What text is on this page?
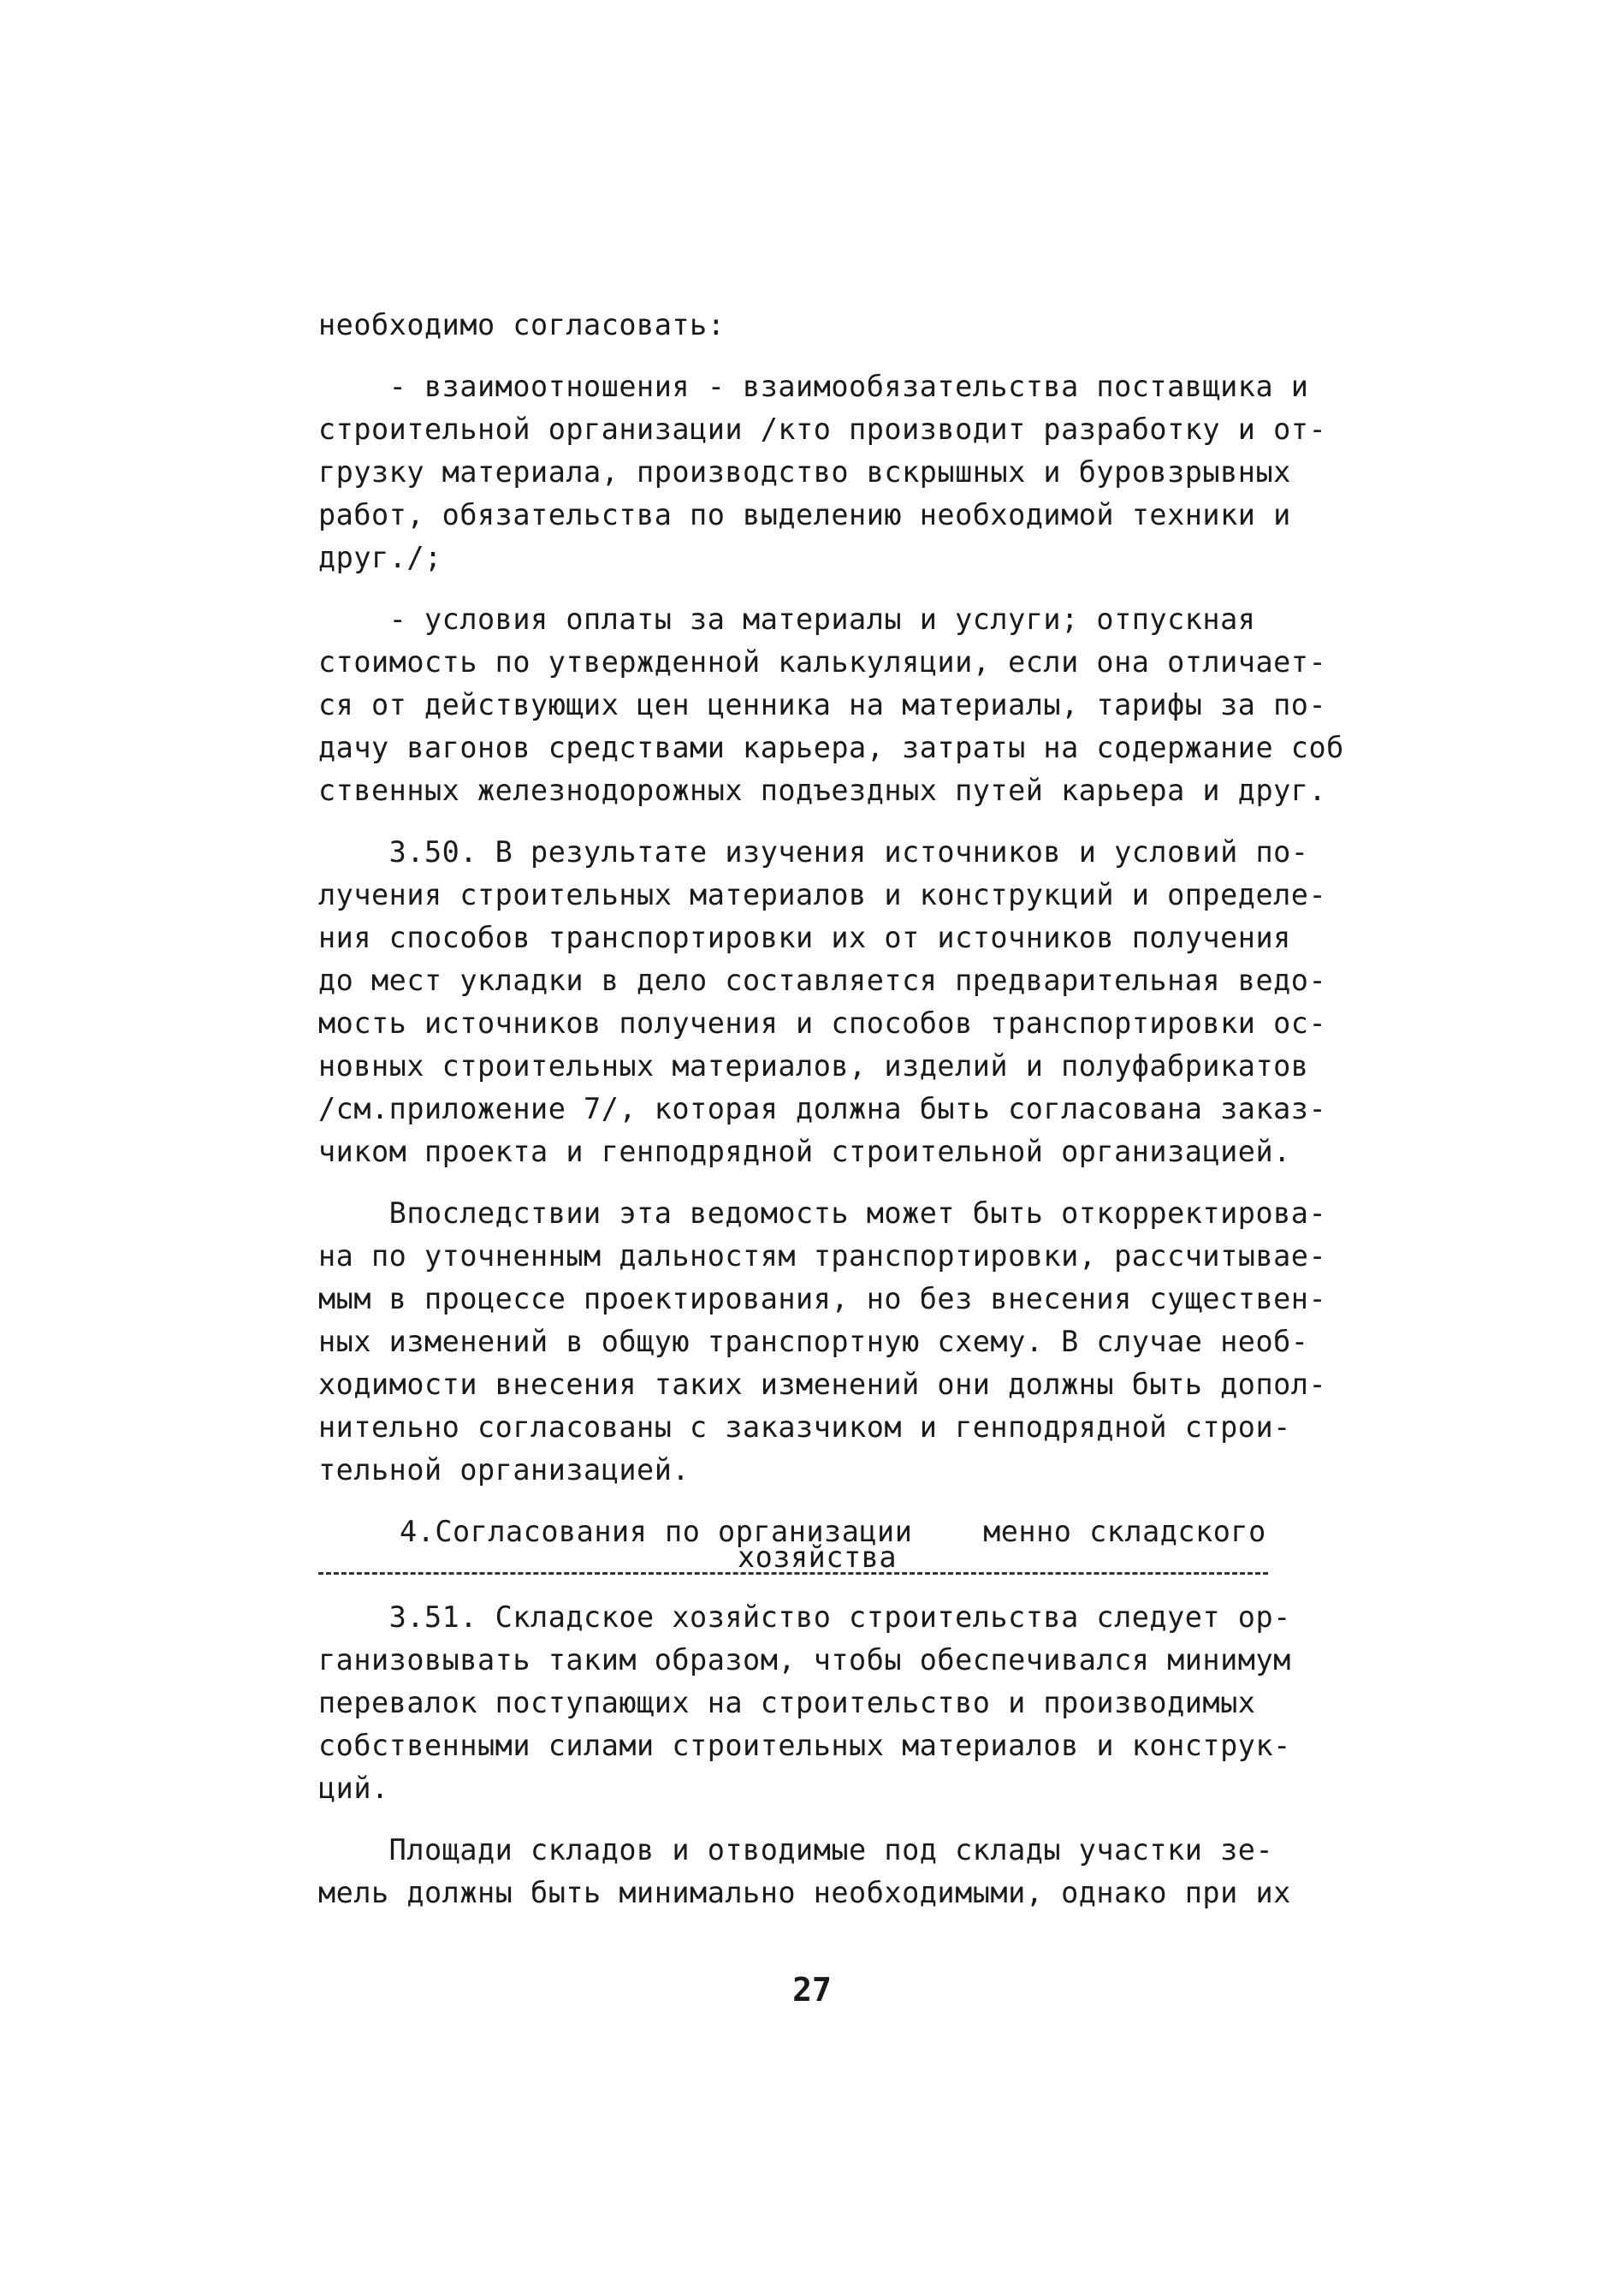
необходимо согласовать:
- взаимоотношения - взаимообязательства поставщика и
строительной организации /кто производит разработку и от-
грузку материала, производство вскрышных и буровзрывных
работ, обязательства по выделению необходимой техники и
друг./;
- условия оплаты за материалы и услуги; отпускная
стоимость по утвержденной калькуляции, если она отличает-
ся от действующих цен ценника на материалы, тарифы за по-
дачу вагонов средствами карьера, затраты на содержание соб
ственных железнодорожных подъездных путей карьера и друг.
3.50. В результате изучения источников и условий по-
лучения строительных материалов и конструкций и определе-
ния способов транспортировки их от источников получения
до мест укладки в дело составляется предварительная ведо-
мость источников получения и способов транспортировки ос-
новных строительных материалов, изделий и полуфабрикатов
/см.приложение 7/, которая должна быть согласована заказ-
чиком проекта и генподрядной строительной организацией.
Впоследствии эта ведомость может быть откорректирова-
на по уточненным дальностям транспортировки, рассчитывае-
мым в процессе проектирования, но без внесения существен-
ных изменений в общую транспортную схему. В случае необ-
ходимости внесения таких изменений они должны быть допол-
нительно согласованы с заказчиком и генподрядной строи-
тельной организацией.
4.Согласования по организации    менно складского
хозяйства
3.51. Складское хозяйство строительства следует ор-
ганизовывать таким образом, чтобы обеспечивался минимум
перевалок поступающих на строительство и производимых
собственными силами строительных материалов и конструк-
ций.
Площади складов и отводимые под склады участки зе-
мель должны быть минимально необходимыми, однако при их
27
